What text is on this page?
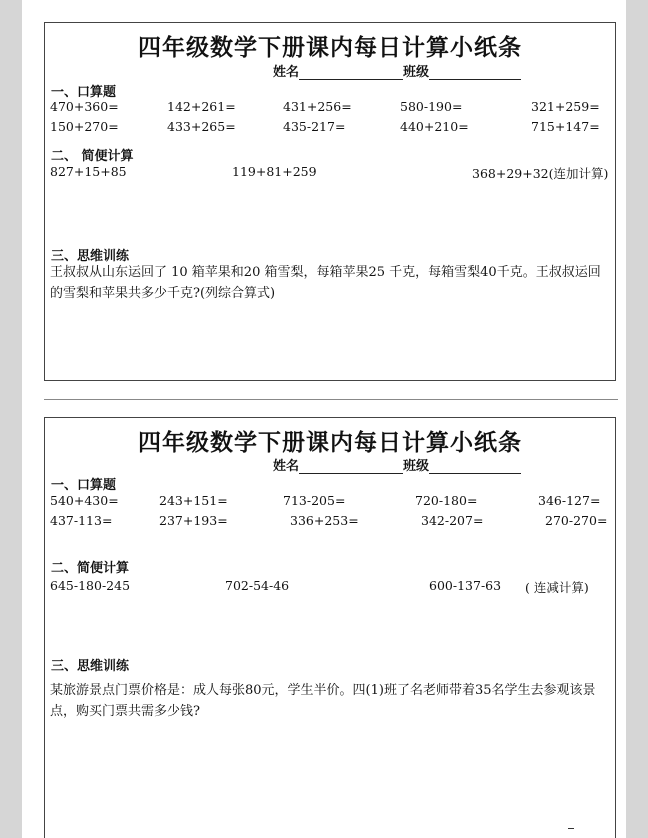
四年级数学下册课内每日计算小纸条
姓名	班级
一、口算题
470+360=	142+261=	431+256=	580-190=	321+259=
150+270=	433+265=	435-217=	440+210=	715+147=
二、 简便计算
827+15+85	119+81+259	368+29+32(连加计算)
三、思维训练
王叔叔从山东运回了 10 箱苹果和20 箱雪梨，每箱苹果25 千克，每箱雪梨40千克。王叔叔运回的雪梨和苹果共多少千克?(列综合算式)
四年级数学下册课内每日计算小纸条
姓名	班级
一、口算题
540+430=	243+151=	713-205=	720-180=	346-127=
437-113=	237+193=	336+253=	342-207=	270-270=
二、简便计算
645-180-245	702-54-46	600-137-63 ( 连减计算)
三、思维训练
某旅游景点门票价格是：成人每张80元，学生半价。四(1)班了名老师带着35名学生去参观该景点，购买门票共需多少钱?
